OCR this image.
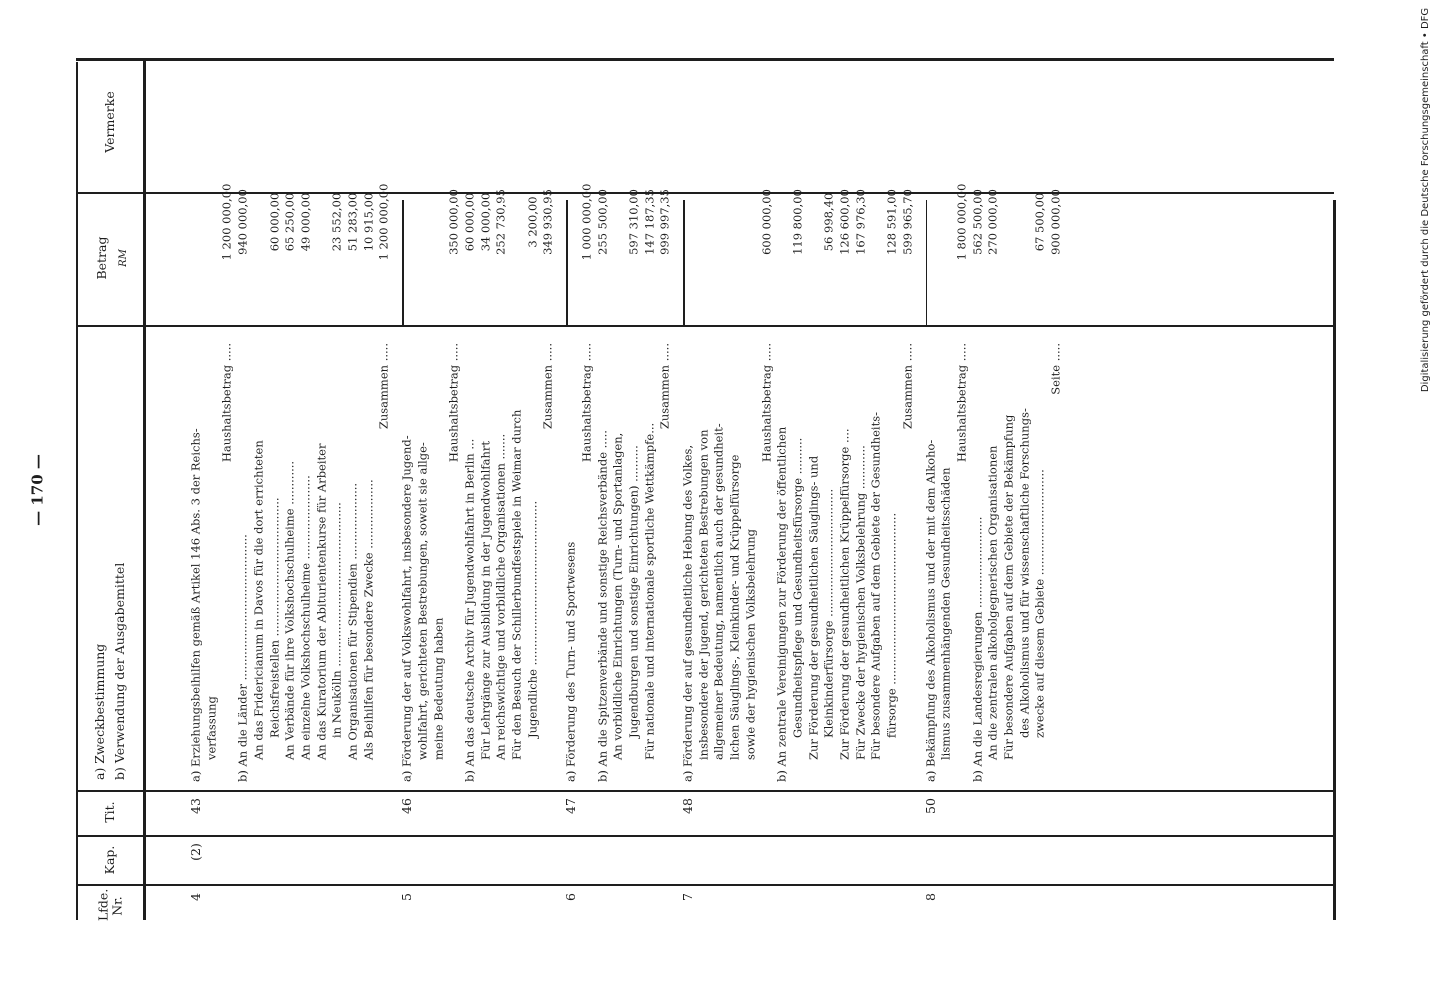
— 170 —
Lfde. Nr.
Kap.
Tit.
a) Zweckbestimmung b) Verwendung der Ausgabemittel
Betrag RM
Vermerke	Digitalisierung gefördert durch die Deutsche Forschungsgemeinschaft • DFG
4
(2)
43
a) Erziehungsbeihilfen gemäß Artikel 146 Abs. 3 der Reichs- verfassung
Haushaltsbetrag .....
1 200 000,00
b) An die Länder ........................................
940 000,00
An das Fridericianum in Davos für die dort errichteten Reichsfreistellen ......................................
60 000,00
An Verbände für ihre Volkshochschulheime ............
65 250,00
An einzelne Volkshochschulheime .......................
49 000,00
An das Kuratorium der Abiturientenkurse für Arbeiter in Neukölln .............................................
23 552,00
An Organisationen für Stipendien .....................
51 283,00
Als Beihilfen für besondere Zwecke ...................
10 915,00
Zusammen .....
1 200 000,00
5
46
a) Förderung der auf Volkswohlfahrt, insbesondere Jugend- wohlfahrt, gerichteten Bestrebungen, soweit sie allge- meine Bedeutung haben
Haushaltsbetrag .....
350 000,00
b) An das deutsche Archiv für Jugendwohlfahrt in Berlin ...
60 000,00
Für Lehrgänge zur Ausbildung in der Jugendwohlfahrt
34 000,00
An reichswichtige und vorbildliche Organisationen .......
252 730,95
Für den Besuch der Schillerbundfestspiele in Weimar durch Jugendliche .............................................
3 200,00
Zusammen .....
349 930,95
6
47
a) Förderung des Turn- und Sportwesens
Haushaltsbetrag .....
1 000 000,00
b) An die Spitzenverbände und sonstige Reichsverbände .....
255 500,00
An vorbildliche Einrichtungen (Turn- und Sportanlagen, Jugendburgen und sonstige Einrichtungen) ..........
597 310,00
Für nationale und internationale sportliche Wettkämpfe...
147 187,35
Zusammen .....
999 997,35
7
48
a) Förderung der auf gesundheitliche Hebung des Volkes, insbesondere der Jugend, gerichteten Bestrebungen von allgemeiner Bedeutung, namentlich auch der gesundheit- lichen Säuglings-, Kleinkinder- und Krüppelfürsorge sowie der hygienischen Volksbelehrung
Haushaltsbetrag .....
600 000,00
b) An zentrale Vereinigungen zur Förderung der öffentlichen Gesundheitspflege und Gesundheitsfürsorge ..........
119 800,00
Zur Förderung der gesundheitlichen Säuglings- und Kleinkinderfürsorge ...................................
56 998,40
Zur Förderung der gesundheitlichen Krüppelfürsorge ....
126 600,00
Für Zwecke der hygienischen Volksbelehrung ............
167 976,30
Für besondere Aufgaben auf dem Gebiete der Gesundheits- fürsorge ...............................................
128 591,00
Zusammen .....
599 965,70
8
50
a) Bekämpfung des Alkoholismus und der mit dem Alkoho- lismus zusammenhängenden Gesundheitsschäden
Haushaltsbetrag .....
1 800 000,00
b) An die Landesregierungen .........................
562 500,00
An die zentralen alkoholgegnerischen Organisationen
270 000,00
Für besondere Aufgaben auf dem Gebiete der Bekämpfung des Alkoholismus und für wissenschaftliche Forschungs- zwecke auf diesem Gebiete .............................
67 500,00
Seite .....
900 000,00
